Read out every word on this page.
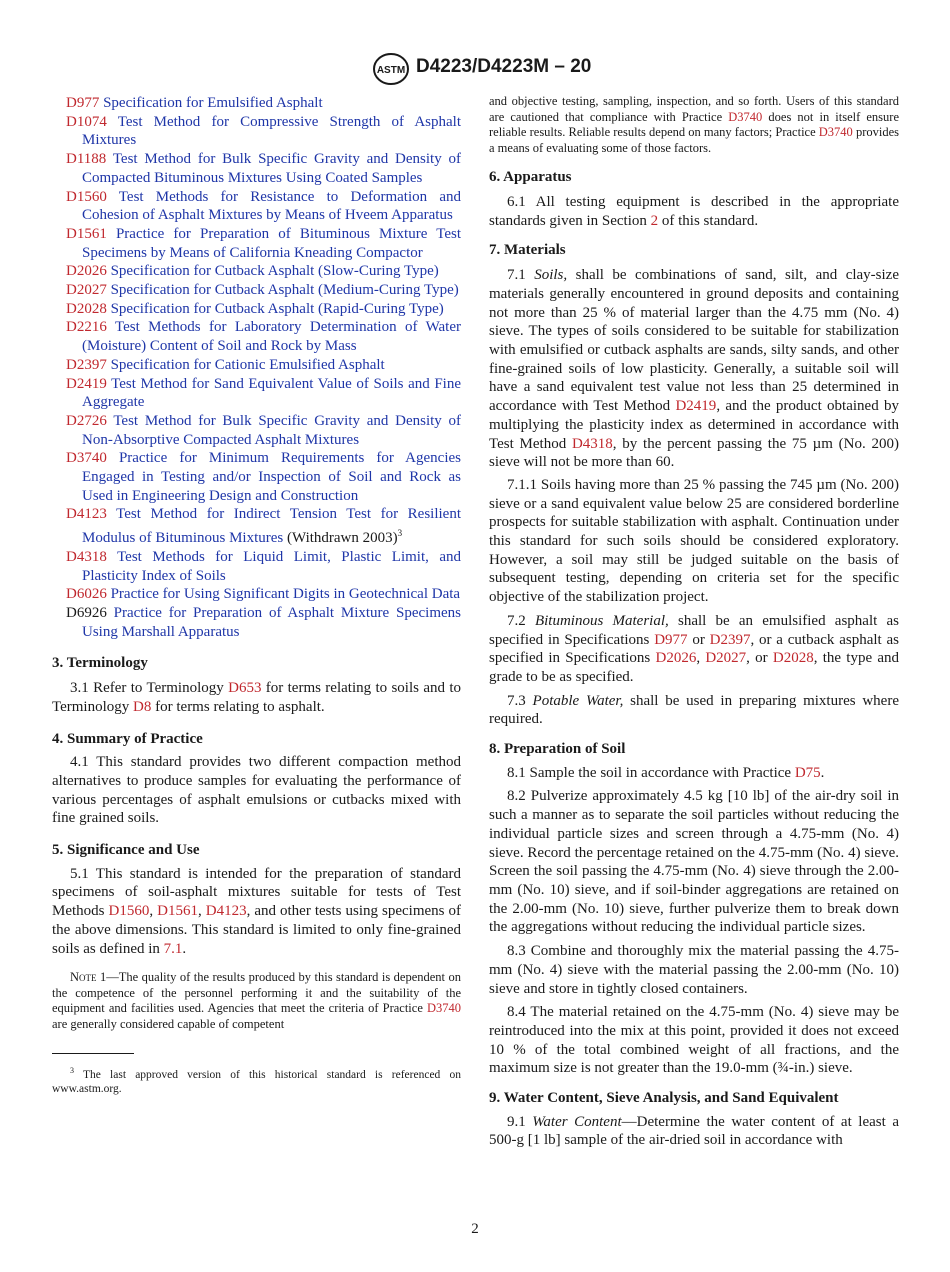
ASTM D4223/D4223M – 20

D977 Specification for Emulsified Asphalt

D1074 Test Method for Compressive Strength of Asphalt Mixtures

D1188 Test Method for Bulk Specific Gravity and Density of Compacted Bituminous Mixtures Using Coated Samples

D1560 Test Methods for Resistance to Deformation and Cohesion of Asphalt Mixtures by Means of Hveem Apparatus

D1561 Practice for Preparation of Bituminous Mixture Test Specimens by Means of California Kneading Compactor

D2026 Specification for Cutback Asphalt (Slow-Curing Type)

D2027 Specification for Cutback Asphalt (Medium-Curing Type)

D2028 Specification for Cutback Asphalt (Rapid-Curing Type)

D2216 Test Methods for Laboratory Determination of Water (Moisture) Content of Soil and Rock by Mass

D2397 Specification for Cationic Emulsified Asphalt

D2419 Test Method for Sand Equivalent Value of Soils and Fine Aggregate

D2726 Test Method for Bulk Specific Gravity and Density of Non-Absorptive Compacted Asphalt Mixtures

D3740 Practice for Minimum Requirements for Agencies Engaged in Testing and/or Inspection of Soil and Rock as Used in Engineering Design and Construction

D4123 Test Method for Indirect Tension Test for Resilient Modulus of Bituminous Mixtures (Withdrawn 2003)$^3$

D4318 Test Methods for Liquid Limit, Plastic Limit, and Plasticity Index of Soils

D6026 Practice for Using Significant Digits in Geotechnical Data

D6926 Practice for Preparation of Asphalt Mixture Specimens Using Marshall Apparatus

3. Terminology

3.1 Refer to Terminology D653 for terms relating to soils and to Terminology D8 for terms relating to asphalt.

4. Summary of Practice

4.1 This standard provides two different compaction method alternatives to produce samples for evaluating the performance of various percentages of asphalt emulsions or cutbacks mixed with fine grained soils.

5. Significance and Use

5.1 This standard is intended for the preparation of standard specimens of soil-asphalt mixtures suitable for tests of Test Methods D1560, D1561, D4123, and other tests using specimens of the above dimensions. This standard is limited to only fine-grained soils as defined in 7.1.

Note 1—The quality of the results produced by this standard is dependent on the competence of the personnel performing it and the suitability of the equipment and facilities used. Agencies that meet the criteria of Practice D3740 are generally considered capable of competent

$^3$ The last approved version of this historical standard is referenced on www.astm.org.

and objective testing, sampling, inspection, and so forth. Users of this standard are cautioned that compliance with Practice D3740 does not in itself ensure reliable results. Reliable results depend on many factors; Practice D3740 provides a means of evaluating some of those factors.

6. Apparatus

6.1 All testing equipment is described in the appropriate standards given in Section 2 of this standard.

7. Materials

7.1 Soils, shall be combinations of sand, silt, and clay-size materials generally encountered in ground deposits and containing not more than 25 % of material larger than the 4.75 mm (No. 4) sieve. The types of soils considered to be suitable for stabilization with emulsified or cutback asphalts are sands, silty sands, and other fine-grained soils of low plasticity. Generally, a suitable soil will have a sand equivalent test value not less than 25 determined in accordance with Test Method D2419, and the product obtained by multiplying the plasticity index as determined in accordance with Test Method D4318, by the percent passing the 75 µm (No. 200) sieve will not be more than 60.

7.1.1 Soils having more than 25 % passing the 745 µm (No. 200) sieve or a sand equivalent value below 25 are considered borderline prospects for suitable stabilization with asphalt. Continuation under this standard for such soils should be considered exploratory. However, a soil may still be judged suitable on the basis of subsequent testing, depending on criteria set for the specific objective of the stabilization project.

7.2 Bituminous Material, shall be an emulsified asphalt as specified in Specifications D977 or D2397, or a cutback asphalt as specified in Specifications D2026, D2027, or D2028, the type and grade to be as specified.

7.3 Potable Water, shall be used in preparing mixtures where required.

8. Preparation of Soil

8.1 Sample the soil in accordance with Practice D75.

8.2 Pulverize approximately 4.5 kg [10 lb] of the air-dry soil in such a manner as to separate the soil particles without reducing the individual particle sizes and screen through a 4.75-mm (No. 4) sieve. Record the percentage retained on the 4.75-mm (No. 4) sieve. Screen the soil passing the 4.75-mm (No. 4) sieve through the 2.00-mm (No. 10) sieve, and if soil-binder aggregations are retained on the 2.00-mm (No. 10) sieve, further pulverize them to break down the aggregations without reducing the individual particle sizes.

8.3 Combine and thoroughly mix the material passing the 4.75-mm (No. 4) sieve with the material passing the 2.00-mm (No. 10) sieve and store in tightly closed containers.

8.4 The material retained on the 4.75-mm (No. 4) sieve may be reintroduced into the mix at this point, provided it does not exceed 10 % of the total combined weight of all fractions, and the maximum size is not greater than the 19.0-mm (¾-in.) sieve.

9. Water Content, Sieve Analysis, and Sand Equivalent

9.1 Water Content—Determine the water content of at least a 500-g [1 lb] sample of the air-dried soil in accordance with

2
